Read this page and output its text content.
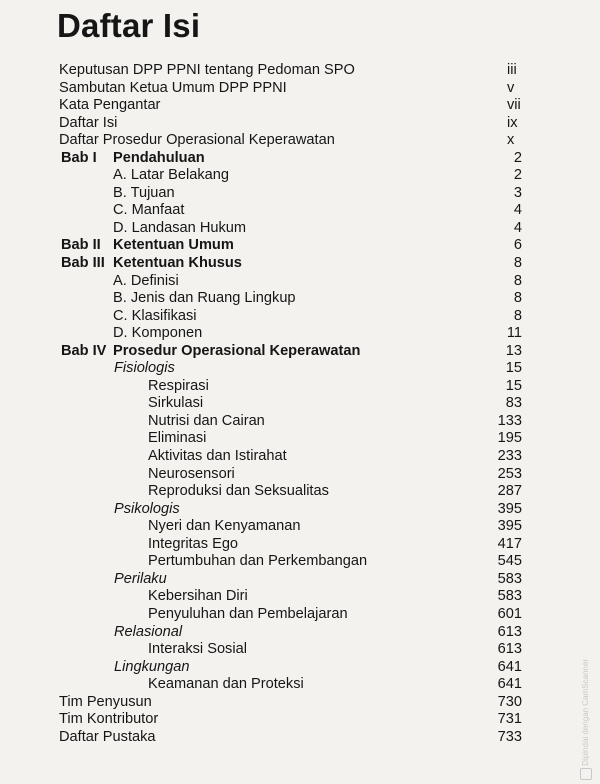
Daftar Isi
Keputusan DPP PPNI tentang Pedoman SPO	iii
Sambutan Ketua Umum DPP PPNI	v
Kata Pengantar	vii
Daftar Isi	ix
Daftar Prosedur Operasional Keperawatan	x
Bab I Pendahuluan	2
A. Latar Belakang	2
B. Tujuan	3
C. Manfaat	4
D. Landasan Hukum	4
Bab II Ketentuan Umum	6
Bab III Ketentuan Khusus	8
A. Definisi	8
B. Jenis dan Ruang Lingkup	8
C. Klasifikasi	8
D. Komponen	11
Bab IV Prosedur Operasional Keperawatan	13
Fisiologis	15
Respirasi	15
Sirkulasi	83
Nutrisi dan Cairan	133
Eliminasi	195
Aktivitas dan Istirahat	233
Neurosensori	253
Reproduksi dan Seksualitas	287
Psikologis	395
Nyeri dan Kenyamanan	395
Integritas Ego	417
Pertumbuhan dan Perkembangan	545
Perilaku	583
Kebersihan Diri	583
Penyuluhan dan Pembelajaran	601
Relasional	613
Interaksi Sosial	613
Lingkungan	641
Keamanan dan Proteksi	641
Tim Penyusun	730
Tim Kontributor	731
Daftar Pustaka	733	Dipindai dengan CamScanner
